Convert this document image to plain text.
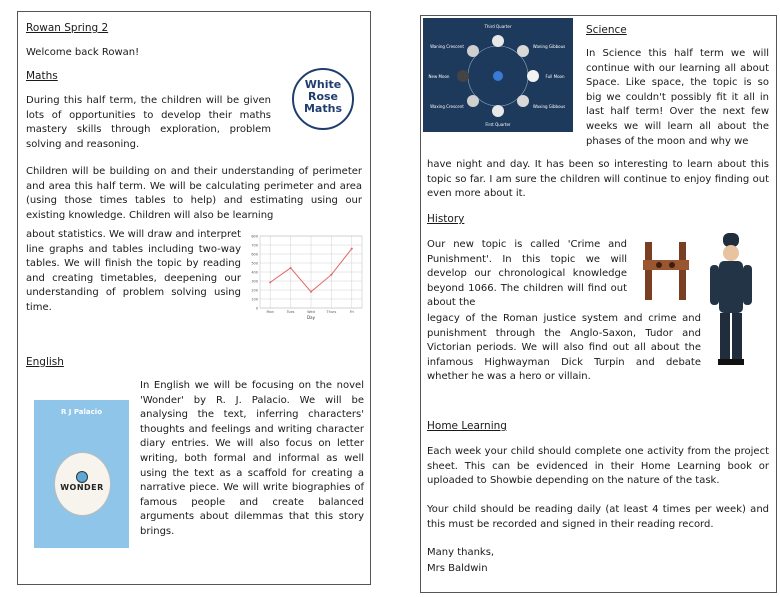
Rowan Spring 2

Welcome back Rowan!

Maths

White
Rose
Maths

During this half term, the children will be given lots of opportunities to develop their maths mastery skills through exploration, problem solving and reasoning.

Children will be building on and their understanding of perimeter and area this half term. We will be calculating perimeter and area (using those times tables to help) and estimating using our existing knowledge. Children will also be learning

about statistics. We will draw and interpret line graphs and tables including two-way tables. We will finish the topic by reading and creating timetables, deepening our understanding of problem solving using time.	0
100
200
300
400
500
600
700
800
Mon	Tues	Wed	Thurs	Fri
Day

English

R J Palacio
WONDER

In English we will be focusing on the novel 'Wonder' by R. J. Palacio. We will be analysing the text, inferring characters' thoughts and feelings and writing character diary entries. We will also focus on letter writing, both formal and informal as well using the text as a scaffold for creating a narrative piece. We will write biographies of famous people and create balanced arguments about dilemmas that this story brings.

Third Quarter
First Quarter
New Moon	Full Moon
Waning Crescent	Waning Gibbous
Waxing Crescent	Waxing Gibbous

Science

In Science this half term we will continue with our learning all about Space. Like space, the topic is so big we couldn't possibly fit it all in last half term! Over the next few weeks we will learn all about the phases of the moon and why we

have night and day. It has been so interesting to learn about this topic so far. I am sure the children will continue to enjoy finding out even more about it.

History

Our new topic is called 'Crime and Punishment'. In this topic we will develop our chronological knowledge beyond 1066. The children will find out about the

legacy of the Roman justice system and crime and punishment through the Anglo-Saxon, Tudor and Victorian periods. We will also find out all about the infamous Highwayman Dick Turpin and debate whether he was a hero or villain.

Home Learning

Each week your child should complete one activity from the project sheet. This can be evidenced in their Home Learning book or uploaded to Showbie depending on the nature of the task.

Your child should be reading daily (at least 4 times per week) and this must be recorded and signed in their reading record.

Many thanks,

Mrs Baldwin
